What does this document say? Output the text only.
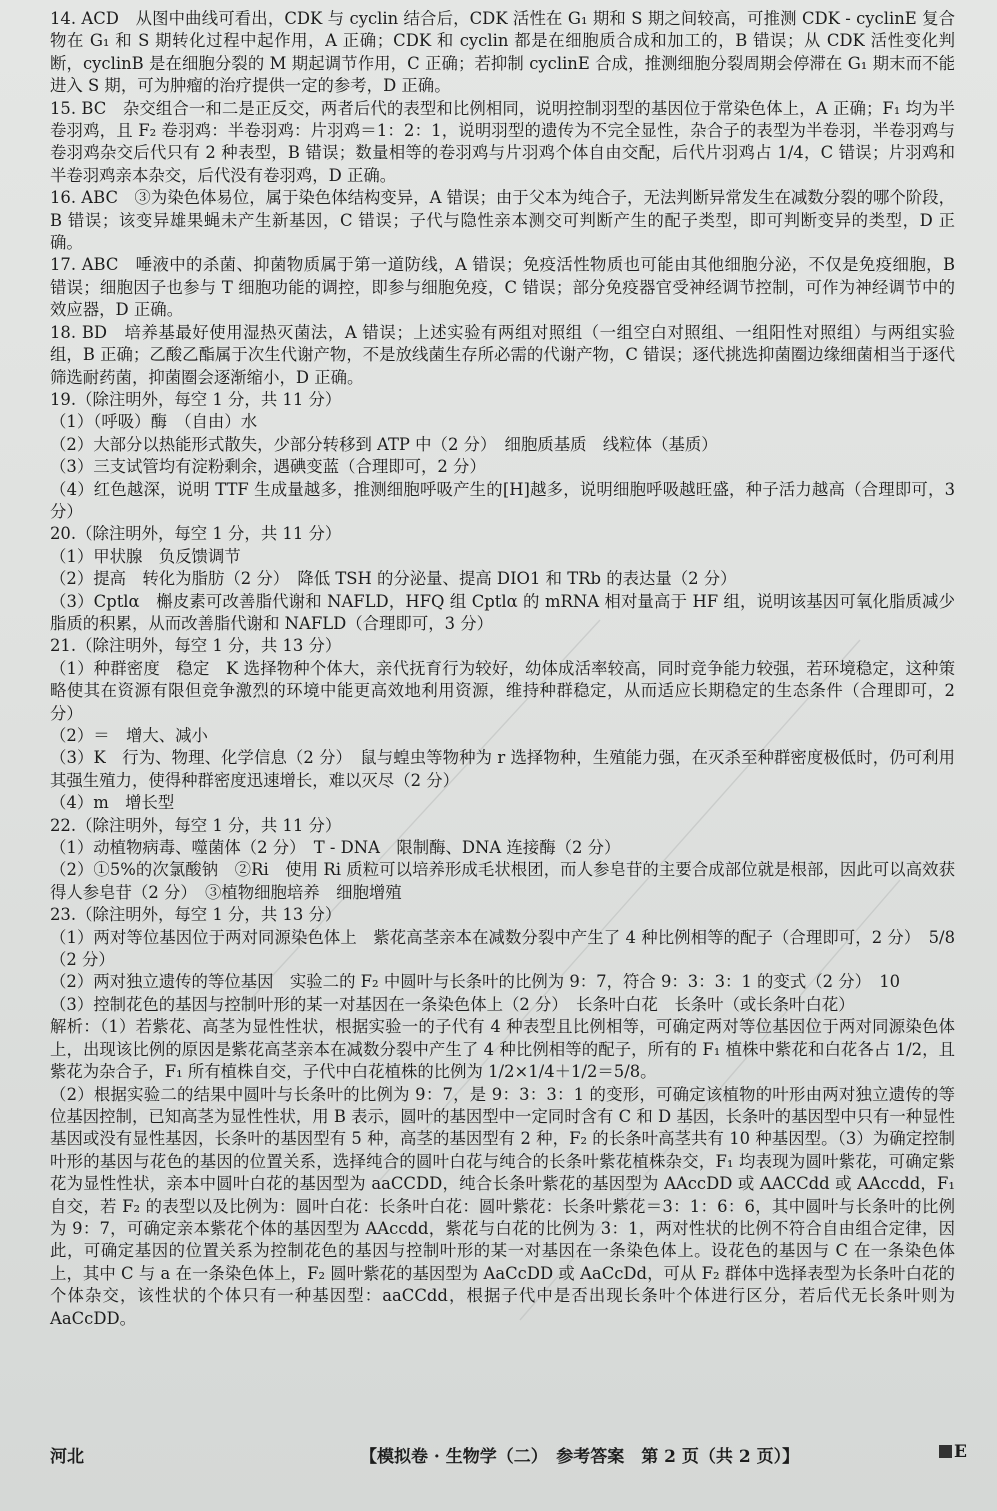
14. ACD　从图中曲线可看出，CDK 与 cyclin 结合后，CDK 活性在 G₁ 期和 S 期之间较高，可推测 CDK - cyclinE 复合物在 G₁ 和 S 期转化过程中起作用，A 正确；CDK 和 cyclin 都是在细胞质合成和加工的，B 错误；从 CDK 活性变化判断，cyclinB 是在细胞分裂的 M 期起调节作用，C 正确；若抑制 cyclinE 合成，推测细胞分裂周期会停滞在 G₁ 期末而不能进入 S 期，可为肿瘤的治疗提供一定的参考，D 正确。

15. BC　杂交组合一和二是正反交，两者后代的表型和比例相同，说明控制羽型的基因位于常染色体上，A 正确；F₁ 均为半卷羽鸡，且 F₂ 卷羽鸡：半卷羽鸡：片羽鸡＝1：2：1，说明羽型的遗传为不完全显性，杂合子的表型为半卷羽，半卷羽鸡与卷羽鸡杂交后代只有 2 种表型，B 错误；数量相等的卷羽鸡与片羽鸡个体自由交配，后代片羽鸡占 1/4，C 错误；片羽鸡和半卷羽鸡亲本杂交，后代没有卷羽鸡，D 正确。

16. ABC　③为染色体易位，属于染色体结构变异，A 错误；由于父本为纯合子，无法判断异常发生在减数分裂的哪个阶段，B 错误；该变异雄果蝇未产生新基因，C 错误；子代与隐性亲本测交可判断产生的配子类型，即可判断变异的类型，D 正确。

17. ABC　唾液中的杀菌、抑菌物质属于第一道防线，A 错误；免疫活性物质也可能由其他细胞分泌，不仅是免疫细胞，B 错误；细胞因子也参与 T 细胞功能的调控，即参与细胞免疫，C 错误；部分免疫器官受神经调节控制，可作为神经调节中的效应器，D 正确。

18. BD　培养基最好使用湿热灭菌法，A 错误；上述实验有两组对照组（一组空白对照组、一组阳性对照组）与两组实验组，B 正确；乙酸乙酯属于次生代谢产物，不是放线菌生存所必需的代谢产物，C 错误；逐代挑选抑菌圈边缘细菌相当于逐代筛选耐药菌，抑菌圈会逐渐缩小，D 正确。

19.（除注明外，每空 1 分，共 11 分）

（1）（呼吸）酶　（自由）水

（2）大部分以热能形式散失，少部分转移到 ATP 中（2 分）　细胞质基质　线粒体（基质）

（3）三支试管均有淀粉剩余，遇碘变蓝（合理即可，2 分）

（4）红色越深，说明 TTF 生成量越多，推测细胞呼吸产生的[H]越多，说明细胞呼吸越旺盛，种子活力越高（合理即可，3 分）

20.（除注明外，每空 1 分，共 11 分）

（1）甲状腺　负反馈调节

（2）提高　转化为脂肪（2 分）　降低 TSH 的分泌量、提高 DIO1 和 TRb 的表达量（2 分）

（3）Cptlα　槲皮素可改善脂代谢和 NAFLD，HFQ 组 Cptlα 的 mRNA 相对量高于 HF 组，说明该基因可氧化脂质减少脂质的积累，从而改善脂代谢和 NAFLD（合理即可，3 分）

21.（除注明外，每空 1 分，共 13 分）

（1）种群密度　稳定　K 选择物种个体大，亲代抚育行为较好，幼体成活率较高，同时竞争能力较强，若环境稳定，这种策略使其在资源有限但竞争激烈的环境中能更高效地利用资源，维持种群稳定，从而适应长期稳定的生态条件（合理即可，2 分）

（2）＝　增大、减小

（3）K　行为、物理、化学信息（2 分）　鼠与蝗虫等物种为 r 选择物种，生殖能力强，在灭杀至种群密度极低时，仍可利用其强生殖力，使得种群密度迅速增长，难以灭尽（2 分）

（4）m　增长型

22.（除注明外，每空 1 分，共 11 分）

（1）动植物病毒、噬菌体（2 分）　T - DNA　限制酶、DNA 连接酶（2 分）

（2）①5%的次氯酸钠　②Ri　使用 Ri 质粒可以培养形成毛状根团，而人参皂苷的主要合成部位就是根部，因此可以高效获得人参皂苷（2 分）　③植物细胞培养　细胞增殖

23.（除注明外，每空 1 分，共 13 分）

（1）两对等位基因位于两对同源染色体上　紫花高茎亲本在减数分裂中产生了 4 种比例相等的配子（合理即可，2 分）　5/8（2 分）

（2）两对独立遗传的等位基因　实验二的 F₂ 中圆叶与长条叶的比例为 9：7，符合 9：3：3：1 的变式（2 分）　10

（3）控制花色的基因与控制叶形的某一对基因在一条染色体上（2 分）　长条叶白花　长条叶（或长条叶白花）

解析：（1）若紫花、高茎为显性性状，根据实验一的子代有 4 种表型且比例相等，可确定两对等位基因位于两对同源染色体上，出现该比例的原因是紫花高茎亲本在减数分裂中产生了 4 种比例相等的配子，所有的 F₁ 植株中紫花和白花各占 1/2，且紫花为杂合子，F₁ 所有植株自交，子代中白花植株的比例为 1/2×1/4＋1/2＝5/8。

（2）根据实验二的结果中圆叶与长条叶的比例为 9：7，是 9：3：3：1 的变形，可确定该植物的叶形由两对独立遗传的等位基因控制，已知高茎为显性性状，用 B 表示，圆叶的基因型中一定同时含有 C 和 D 基因，长条叶的基因型中只有一种显性基因或没有显性基因，长条叶的基因型有 5 种，高茎的基因型有 2 种，F₂ 的长条叶高茎共有 10 种基因型。（3）为确定控制叶形的基因与花色的基因的位置关系，选择纯合的圆叶白花与纯合的长条叶紫花植株杂交，F₁ 均表现为圆叶紫花，可确定紫花为显性性状，亲本中圆叶白花的基因型为 aaCCDD，纯合长条叶紫花的基因型为 AAccDD 或 AACCdd 或 AAccdd，F₁ 自交，若 F₂ 的表型以及比例为：圆叶白花：长条叶白花：圆叶紫花：长条叶紫花＝3：1：6：6，其中圆叶与长条叶的比例为 9：7，可确定亲本紫花个体的基因型为 AAccdd，紫花与白花的比例为 3：1，两对性状的比例不符合自由组合定律，因此，可确定基因的位置关系为控制花色的基因与控制叶形的某一对基因在一条染色体上。设花色的基因与 C 在一条染色体上，其中 C 与 a 在一条染色体上，F₂ 圆叶紫花的基因型为 AaCcDD 或 AaCcDd，可从 F₂ 群体中选择表型为长条叶白花的个体杂交，该性状的个体只有一种基因型：aaCCdd，根据子代中是否出现长条叶个体进行区分，若后代无长条叶则为 AaCcDD。

河北	【模拟卷 · 生物学（二）　参考答案　第 2 页（共 2 页）】	E
